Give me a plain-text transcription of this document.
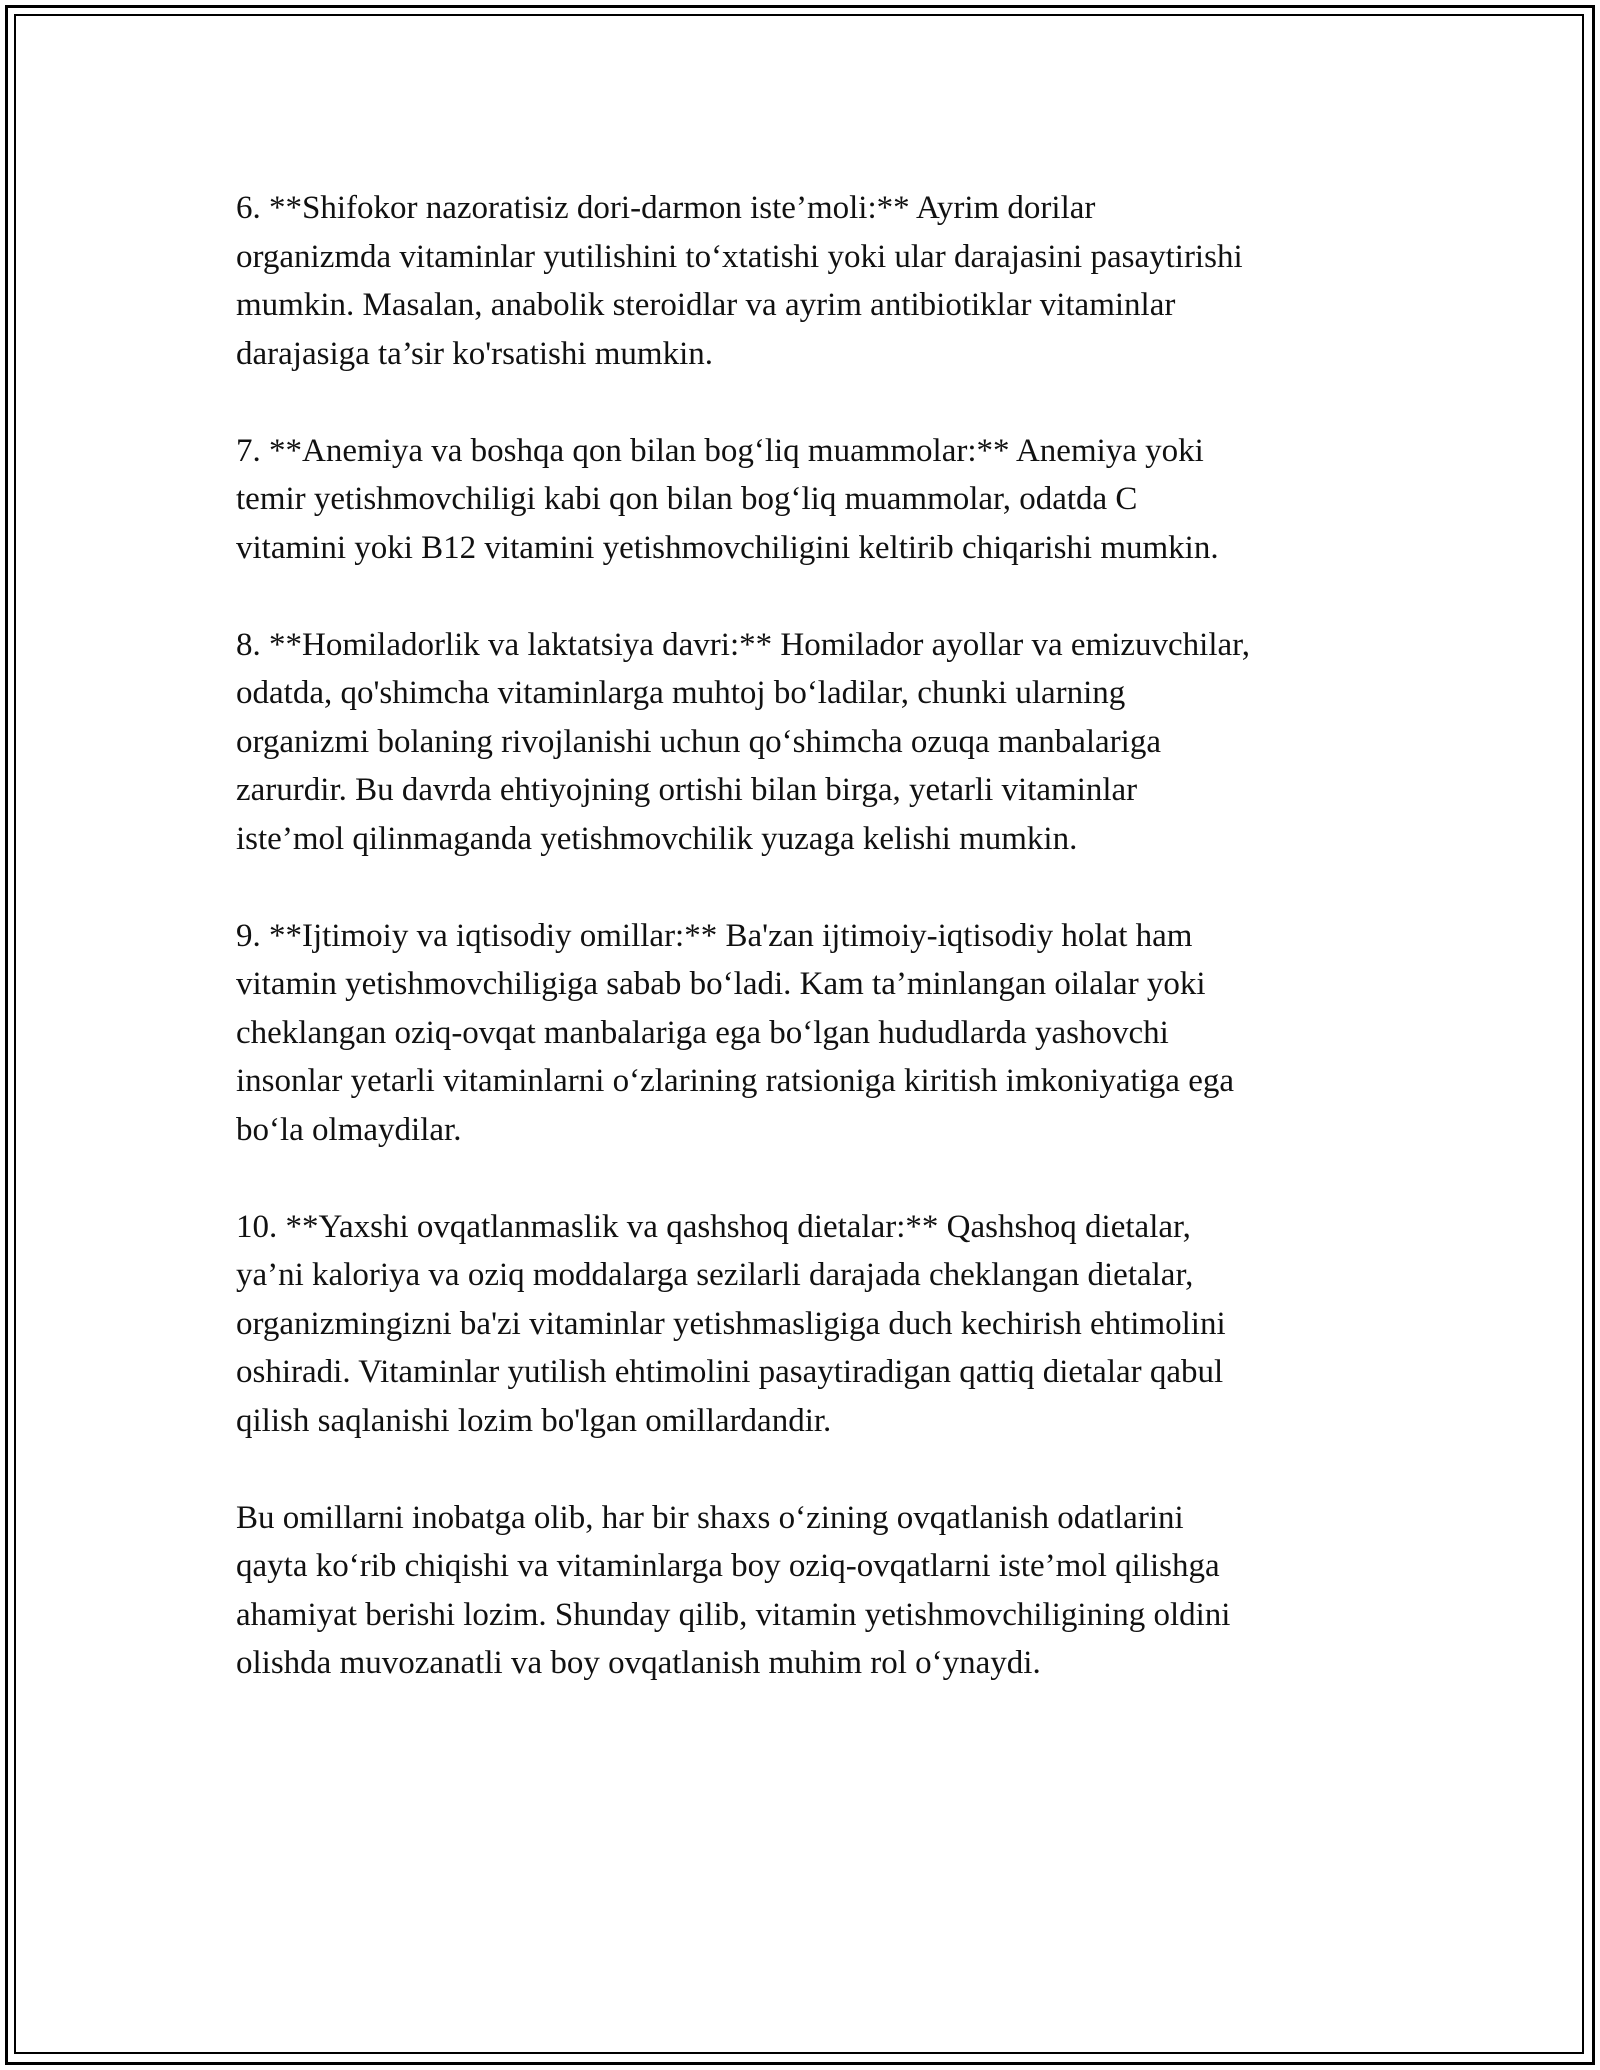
6. **Shifokor nazoratisiz dori-darmon iste’moli:** Ayrim dorilar
organizmda vitaminlar yutilishini to‘xtatishi yoki ular darajasini pasaytirishi
mumkin. Masalan, anabolik steroidlar va ayrim antibiotiklar vitaminlar
darajasiga ta’sir ko'rsatishi mumkin.

7. **Anemiya va boshqa qon bilan bog‘liq muammolar:** Anemiya yoki
temir yetishmovchiligi kabi qon bilan bog‘liq muammolar, odatda C
vitamini yoki B12 vitamini yetishmovchiligini keltirib chiqarishi mumkin.

8. **Homiladorlik va laktatsiya davri:** Homilador ayollar va emizuvchilar,
odatda, qo'shimcha vitaminlarga muhtoj bo‘ladilar, chunki ularning
organizmi bolaning rivojlanishi uchun qo‘shimcha ozuqa manbalariga
zarurdir. Bu davrda ehtiyojning ortishi bilan birga, yetarli vitaminlar
iste’mol qilinmaganda yetishmovchilik yuzaga kelishi mumkin.

9. **Ijtimoiy va iqtisodiy omillar:** Ba'zan ijtimoiy-iqtisodiy holat ham
vitamin yetishmovchiligiga sabab bo‘ladi. Kam ta’minlangan oilalar yoki
cheklangan oziq-ovqat manbalariga ega bo‘lgan hududlarda yashovchi
insonlar yetarli vitaminlarni o‘zlarining ratsioniga kiritish imkoniyatiga ega
bo‘la olmaydilar.

10. **Yaxshi ovqatlanmaslik va qashshoq dietalar:** Qashshoq dietalar,
ya’ni kaloriya va oziq moddalarga sezilarli darajada cheklangan dietalar,
organizmingizni ba'zi vitaminlar yetishmasligiga duch kechirish ehtimolini
oshiradi. Vitaminlar yutilish ehtimolini pasaytiradigan qattiq dietalar qabul
qilish saqlanishi lozim bo'lgan omillardandir.

Bu omillarni inobatga olib, har bir shaxs o‘zining ovqatlanish odatlarini
qayta ko‘rib chiqishi va vitaminlarga boy oziq-ovqatlarni iste’mol qilishga
ahamiyat berishi lozim. Shunday qilib, vitamin yetishmovchiligining oldini
olishda muvozanatli va boy ovqatlanish muhim rol o‘ynaydi.
